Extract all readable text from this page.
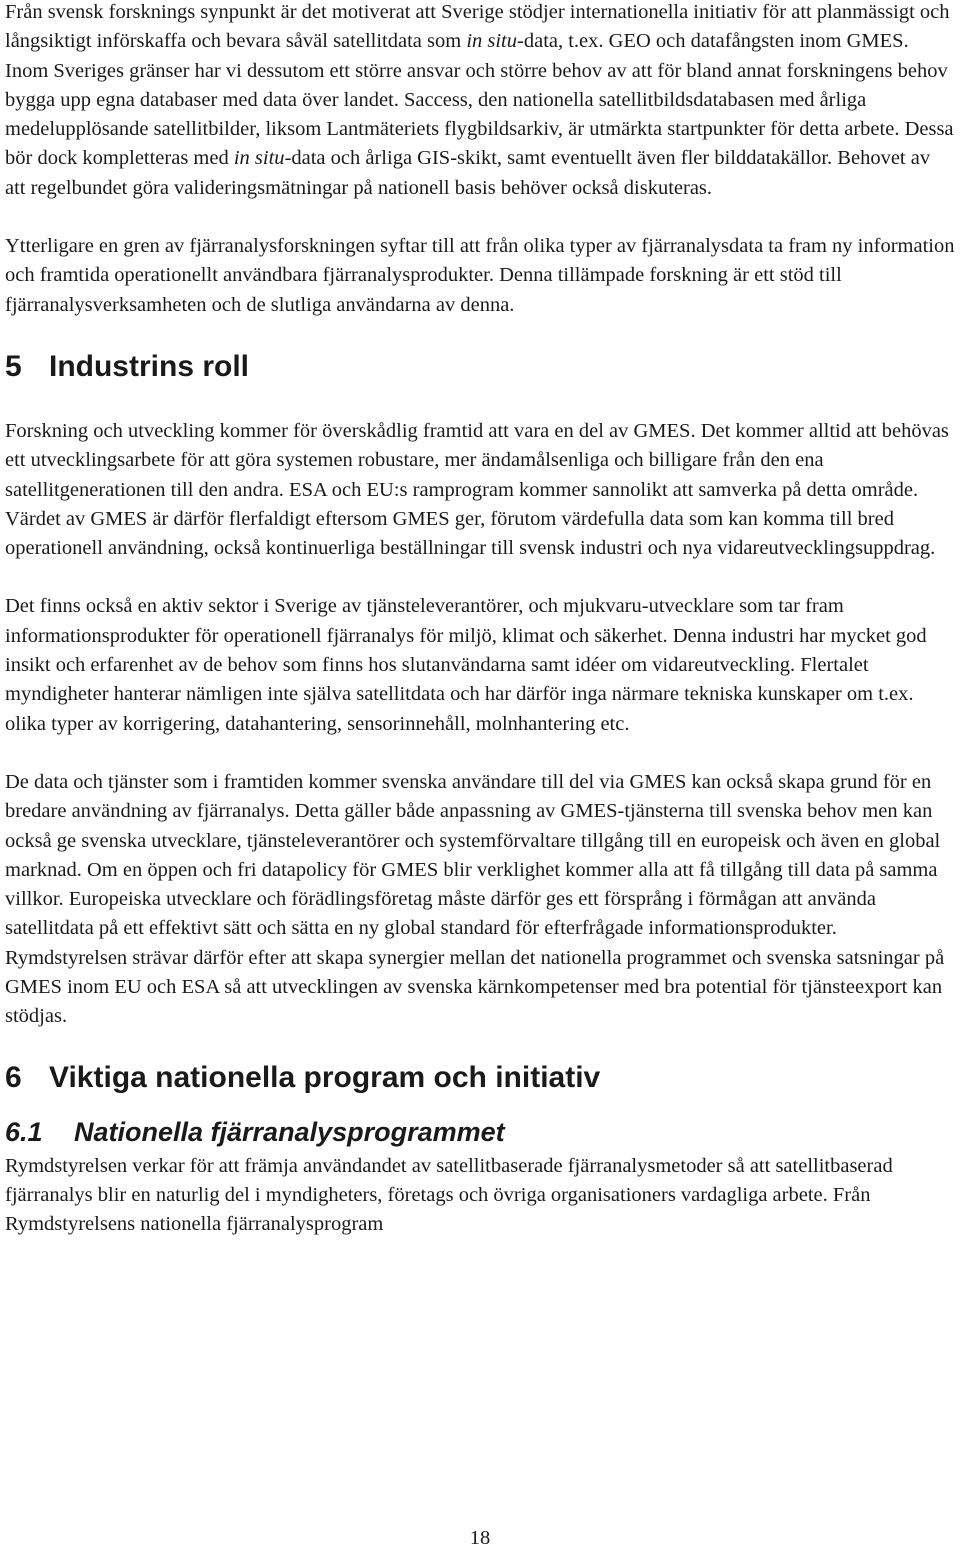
Från svensk forsknings synpunkt är det motiverat att Sverige stödjer internationella initiativ för att planmässigt och långsiktigt införskaffa och bevara såväl satellitdata som in situ-data, t.ex. GEO och datafångsten inom GMES. Inom Sveriges gränser har vi dessutom ett större ansvar och större behov av att för bland annat forskningens behov bygga upp egna databaser med data över landet. Saccess, den nationella satellitbildsdatabasen med årliga medelupplösande satellitbilder, liksom Lantmäteriets flygbildsarkiv, är utmärkta startpunkter för detta arbete. Dessa bör dock kompletteras med in situ-data och årliga GIS-skikt, samt eventuellt även fler bilddatakällor. Behovet av att regelbundet göra valideringsmätningar på nationell basis behöver också diskuteras.

Ytterligare en gren av fjärranalysforskningen syftar till att från olika typer av fjärranalysdata ta fram ny information och framtida operationellt användbara fjärranalysprodukter. Denna tillämpade forskning är ett stöd till fjärranalysverksamheten och de slutliga användarna av denna.

5 Industrins roll

Forskning och utveckling kommer för överskådlig framtid att vara en del av GMES. Det kommer alltid att behövas ett utvecklingsarbete för att göra systemen robustare, mer ändamålsenliga och billigare från den ena satellitgenerationen till den andra. ESA och EU:s ramprogram kommer sannolikt att samverka på detta område. Värdet av GMES är därför flerfaldigt eftersom GMES ger, förutom värdefulla data som kan komma till bred operationell användning, också kontinuerliga beställningar till svensk industri och nya vidareutvecklingsuppdrag.

Det finns också en aktiv sektor i Sverige av tjänsteleverantörer, och mjukvaru-utvecklare som tar fram informationsprodukter för operationell fjärranalys för miljö, klimat och säkerhet. Denna industri har mycket god insikt och erfarenhet av de behov som finns hos slutanvändarna samt idéer om vidareutveckling. Flertalet myndigheter hanterar nämligen inte själva satellitdata och har därför inga närmare tekniska kunskaper om t.ex. olika typer av korrigering, datahantering, sensorinnehåll, molnhantering etc.

De data och tjänster som i framtiden kommer svenska användare till del via GMES kan också skapa grund för en bredare användning av fjärranalys. Detta gäller både anpassning av GMES-tjänsterna till svenska behov men kan också ge svenska utvecklare, tjänsteleverantörer och systemförvaltare tillgång till en europeisk och även en global marknad. Om en öppen och fri datapolicy för GMES blir verklighet kommer alla att få tillgång till data på samma villkor. Europeiska utvecklare och förädlingsföretag måste därför ges ett försprång i förmågan att använda satellitdata på ett effektivt sätt och sätta en ny global standard för efterfrågade informationsprodukter. Rymdstyrelsen strävar därför efter att skapa synergier mellan det nationella programmet och svenska satsningar på GMES inom EU och ESA så att utvecklingen av svenska kärnkompetenser med bra potential för tjänsteexport kan stödjas.

6 Viktiga nationella program och initiativ
6.1 Nationella fjärranalysprogrammet

Rymdstyrelsen verkar för att främja användandet av satellitbaserade fjärranalysmetoder så att satellitbaserad fjärranalys blir en naturlig del i myndigheters, företags och övriga organisationers vardagliga arbete. Från Rymdstyrelsens nationella fjärranalysprogram

18
